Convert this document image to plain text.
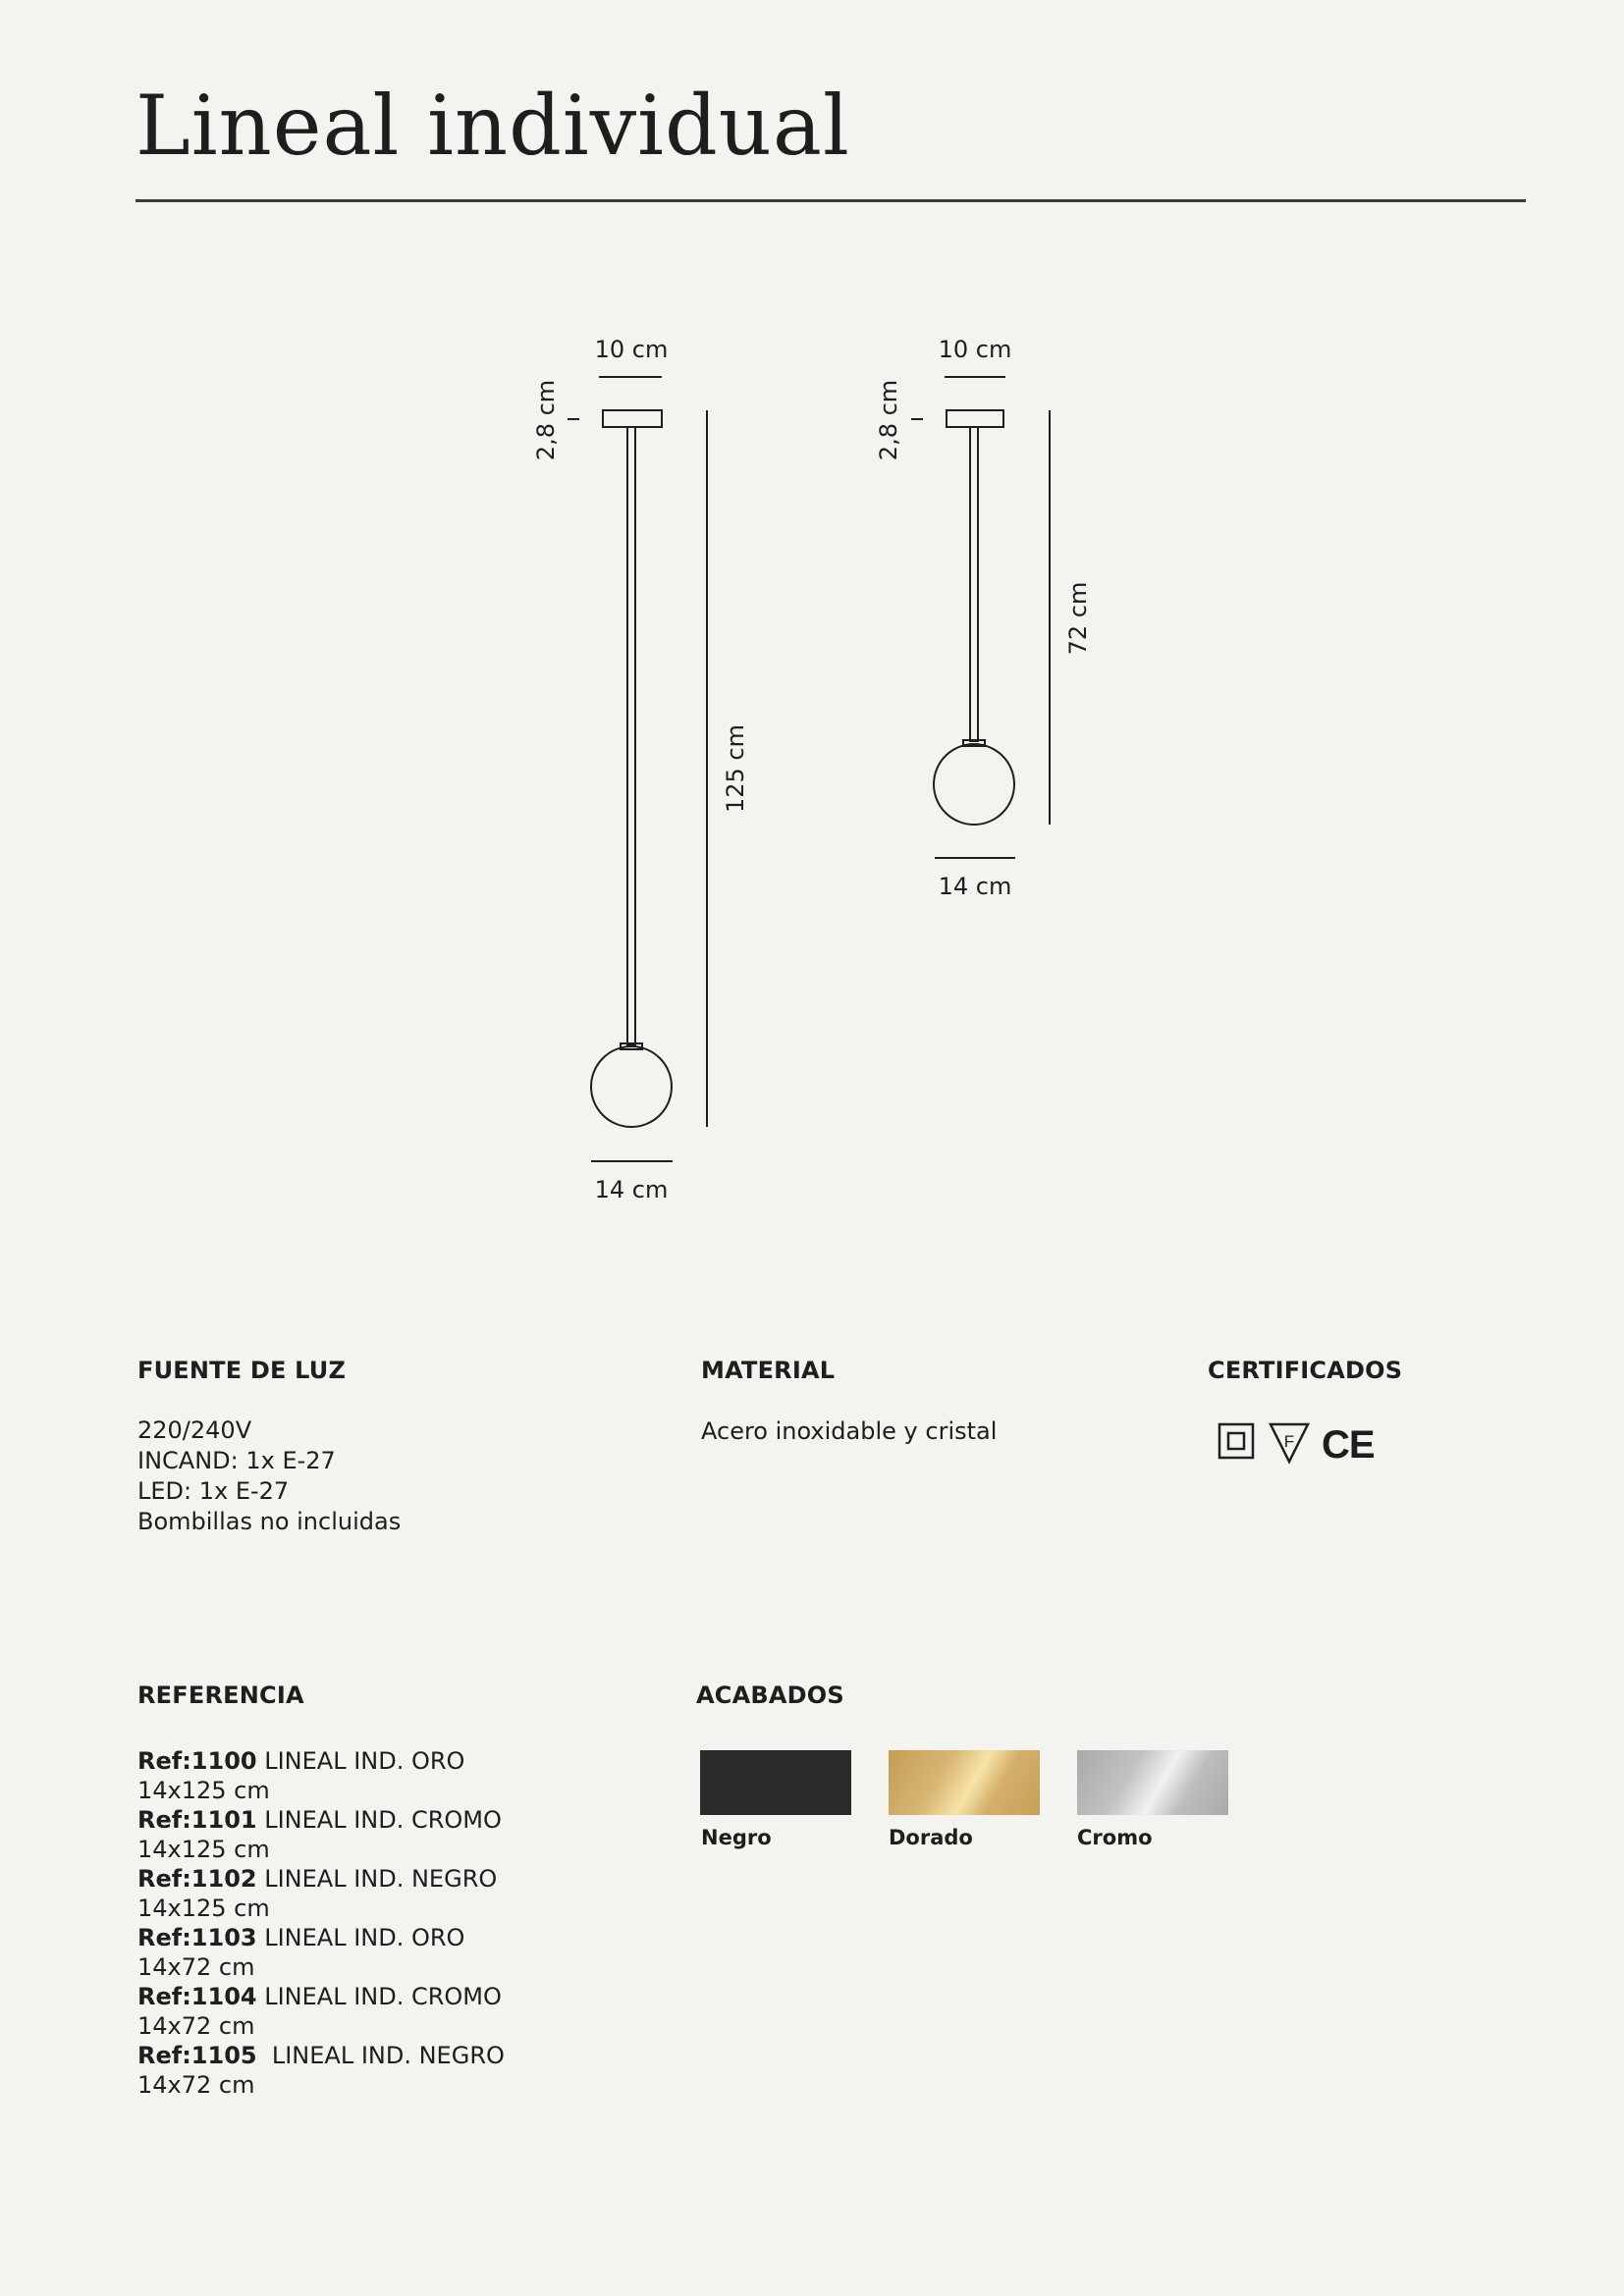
Lineal individual
10 cm
2,8 cm
125 cm
14 cm
10 cm
2,8 cm
72 cm
14 cm
FUENTE DE LUZ
220/240V
INCAND: 1x E-27
LED: 1x E-27
Bombillas no incluidas
MATERIAL
Acero inoxidable y cristal
CERTIFICADOS
F CE
REFERENCIA
Ref:1100 LINEAL IND. ORO
14x125 cm
Ref:1101 LINEAL IND. CROMO
14x125 cm
Ref:1102 LINEAL IND. NEGRO
14x125 cm
Ref:1103 LINEAL IND. ORO
14x72 cm
Ref:1104 LINEAL IND. CROMO
14x72 cm
Ref:1105  LINEAL IND. NEGRO
14x72 cm
ACABADOS
Negro	Dorado	Cromo
